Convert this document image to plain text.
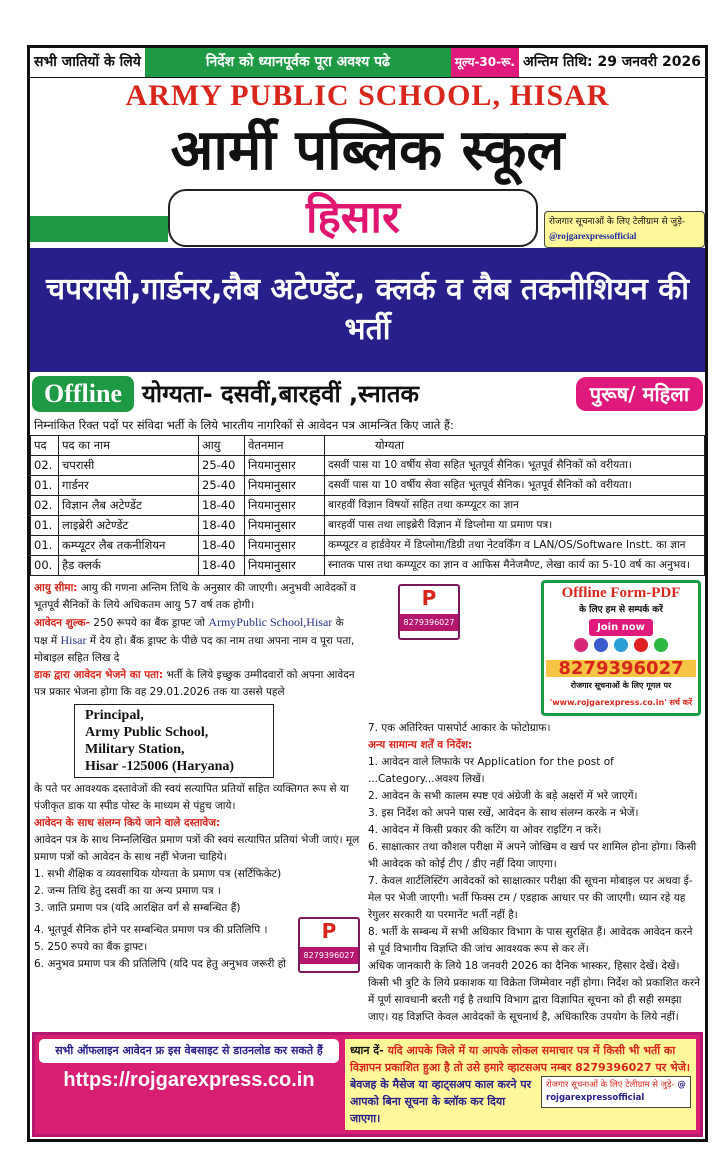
सभी जातियों के लिये	निर्देश को ध्यानपूर्वक पूरा अवश्य पढे	मूल्य-30-रू. अन्तिम तिथि: 29 जनवरी 2026
ARMY PUBLIC SCHOOL, HISAR
आर्मी पब्लिक स्कूल
हिसार	रोजगार सूचनाओं के लिए टेलीग्राम से जुड़े- @rojgarexpressofficial
चपरासी,गार्डनर,लैब अटेण्डेंट, क्लर्क व लैब तकनीशियन की भर्ती
Offline योग्यता- दसवीं,बारहवीं ,स्नातक	पुरूष/ महिला
निम्नांकित रिक्त पदों पर संविदा भर्ती के लिये भारतीय नागरिकों से आवेदन पत्र आमन्त्रित किए जाते हैं:
पद	पद का नाम	आयु	वेतनमान	योग्यता
02.	चपरासी	25-40	नियमानुसार	दसवीं पास या 10 वर्षीय सेवा सहित भूतपूर्व सैनिक। भूतपूर्व सैनिकों को वरीयता।
01.	गार्डनर	25-40	नियमानुसार	दसवीं पास या 10 वर्षीय सेवा सहित भूतपूर्व सैनिक। भूतपूर्व सैनिकों को वरीयता।
02.	विज्ञान लैब अटेण्डेंट	18-40	नियमानुसार	बारहवीं विज्ञान विषयों सहित तथा कम्प्यूटर का ज्ञान
01.	लाइब्रेरी अटेण्डेंट	18-40	नियमानुसार	बारहवीं पास तथा लाइब्रेरी विज्ञान में डिप्लोमा या प्रमाण पत्र।
01.	कम्प्यूटर लैब तकनीशियन	18-40	नियमानुसार	कम्प्यूटर व हार्डवेयर में डिप्लोमा/डिग्री तथा नेटवर्किंग व LAN/OS/Software Instt. का ज्ञान
00.	हैड क्लर्क	18-40	नियमानुसार	स्नातक पास तथा कम्प्यूटर का ज्ञान व आफिस मैनेजमैण्ट, लेखा कार्य का 5-10 वर्ष का अनुभव।
आयु सीमा: आयु की गणना अन्तिम तिथि के अनुसार की जाएगी। अनुभवी आवेदकों व भूतपूर्व सैनिकों के लिये अधिकतम आयु 57 वर्ष तक होगी।
आवेदन शुल्क- 250 रूपये का बैंक ड्राफ्ट जो ArmyPublic School,Hisar के पक्ष में Hisar में देय हो। बैंक ड्राफ्ट के पीछे पद का नाम तथा अपना नाम व पूरा पता, मोबाइल सहित लिख दे
डाक द्वारा आवेदन भेजने का पता: भर्ती के लिये इच्छुक उम्मीदवारों को अपना आवेदन पत्र प्रकार भेजना होगा कि वह 29.01.2026 तक या उससे पहले
Principal,
Army Public School,
Military Station,
Hisar -125006 (Haryana)
के पते पर आवश्यक दस्तावेजों की स्वयं सत्यापित प्रतियों सहित व्यक्तिगत रूप से या पंजीकृत डाक या स्पीड पोस्ट के माध्यम से पंहुच जाये।
आवेदन के साथ संलग्न किये जाने वाले दस्तावेज:
आवेदन पत्र के साथ निम्नलिखित प्रमाण पत्रों की स्वयं सत्यापित प्रतियां भेजी जाएं। मूल प्रमाण पत्रों को आवेदन के साथ नहीं भेजना चाहिये।
1. सभी शैक्षिक व व्यवसायिक योग्यता के प्रमाण पत्र (सर्टिफिकेट)
2. जन्म तिथि हेतु दसवीं का या अन्य प्रमाण पत्र ।
3. जाति प्रमाण पत्र (यदि आरक्षित वर्ग से सम्बन्धित हैं)
4. भूतपूर्व सैनिक होने पर सम्बन्धित प्रमाण पत्र की प्रतिलिपि ।
5. 250 रुपये का बैंक ड्राफ्ट।
6. अनुभव प्रमाण पत्र की प्रतिलिपि (यदि पद हेतु अनुभव जरूरी हो
P
8279396027
P
8279396027
Offline Form-PDF
के लिए हम से सम्पर्क करें
Join now
8279396027
रोजगार सूचनाओं के लिए गूगल पर
'www.rojgarexpress.co.in' सर्च करें
7. एक अतिरिक्त पासपोर्ट आकार के फोटोग्राफ।
अन्य सामान्य शर्तें व निर्देश:
1. आवेदन वाले लिफाके पर Application for the post of ...Category...अवश्य लिखें।
2. आवेदन के सभी कालम स्पष्ट एवं अंग्रेजी के बड़े अक्षरों में भरे जाएगें।
3. इस निर्देश को अपने पास रखें, आवेदन के साथ संलग्न करके न भेजें।
4. आवेदन में किसी प्रकार की कटिंग या ओवर राइटिंग न करें।
6. साक्षात्कार तथा कौशल परीक्षा में अपने जोखिम व खर्च पर शामिल होना होगा। किसी भी आवेदक को कोई टीए / डीए नहीं दिया जाएगा।
7. केवल शार्टलिस्टिंग आवेदकों को साक्षात्कार परीक्षा की सूचना मोबाइल पर अथवा ई-मेल पर भेजी जाएगी। भर्ती फिक्स टम / एडहाक आधार पर की जाएगी। ध्यान रहे यह रेगुलर सरकारी या परमानेंट भर्ती नहीं है।
8. भर्ती के सम्बन्ध में सभी अधिकार विभाग के पास सुरक्षित हैं। आवेदक आवेदन करने से पूर्व विभागीय विज्ञप्ति की जांच आवश्यक रूप से कर लें।
अधिक जानकारी के लिये 18 जनवरी 2026 का दैनिक भास्कर, हिसार देखें। देखें। किसी भी त्रुटि के लिये प्रकाशक या विक्रेता जिम्मेवार नहीं होगा। निर्देश को प्रकाशित करने में पूर्ण सावधानी बरती गई है तथापि विभाग द्वारा विज्ञापित सूचना को ही सही समझा जाए। यह विज्ञप्ति केवल आवेदकों के सूचनार्थ है, अधिकारिक उपयोग के लिये नहीं।
सभी ऑफलाइन आवेदन फ्र इस वेबसाइट से डाउनलोड कर सकते हैं
https://rojgarexpress.co.in
ध्यान दें- यदि आपके जिले में या आपके लोकल समाचार पत्र में किसी भी भर्ती का विज्ञापन प्रकाशित हुआ है तो उसे हमारे व्हाटसअप नम्बर 8279396027 पर भेजे।
बेवजह के मैसेज या व्हाट्सअप काल करने पर आपको बिना सूचना के ब्लॉक कर दिया जाएगा।
रोजगार सूचनाओं के लिए टेलीग्राम से जुड़े- @rojgarexpressofficial
